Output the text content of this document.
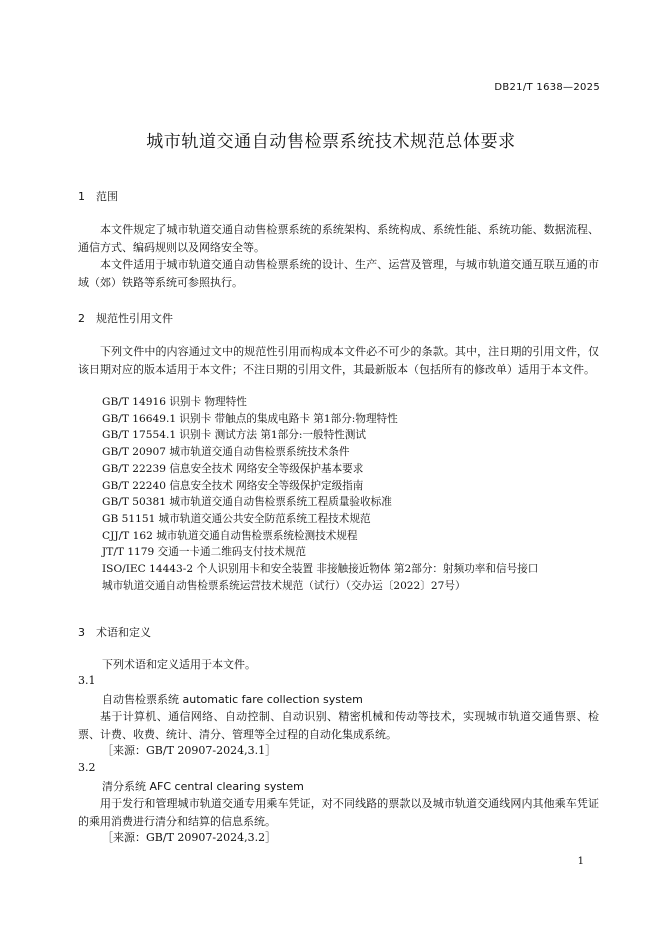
DB21/T 1638—2025
城市轨道交通自动售检票系统技术规范总体要求
1 范围
本文件规定了城市轨道交通自动售检票系统的系统架构、系统构成、系统性能、系统功能、数据流程、通信方式、编码规则以及网络安全等。
本文件适用于城市轨道交通自动售检票系统的设计、生产、运营及管理，与城市轨道交通互联互通的市域（郊）铁路等系统可参照执行。
2 规范性引用文件
下列文件中的内容通过文中的规范性引用而构成本文件必不可少的条款。其中，注日期的引用文件，仅该日期对应的版本适用于本文件；不注日期的引用文件，其最新版本（包括所有的修改单）适用于本文件。
GB/T 14916 识别卡 物理特性
GB/T 16649.1 识别卡 带触点的集成电路卡 第1部分:物理特性
GB/T 17554.1 识别卡 测试方法 第1部分:一般特性测试
GB/T 20907 城市轨道交通自动售检票系统技术条件
GB/T 22239 信息安全技术 网络安全等级保护基本要求
GB/T 22240 信息安全技术 网络安全等级保护定级指南
GB/T 50381 城市轨道交通自动售检票系统工程质量验收标准
GB 51151 城市轨道交通公共安全防范系统工程技术规范
CJJ/T 162 城市轨道交通自动售检票系统检测技术规程
JT/T 1179 交通一卡通二维码支付技术规范
ISO/IEC 14443-2 个人识别用卡和安全装置 非接触接近物体 第2部分：射频功率和信号接口
城市轨道交通自动售检票系统运营技术规范（试行）（交办运〔2022〕27号）
3 术语和定义
下列术语和定义适用于本文件。
3.1
自动售检票系统 automatic fare collection system
基于计算机、通信网络、自动控制、自动识别、精密机械和传动等技术，实现城市轨道交通售票、检票、计费、收费、统计、清分、管理等全过程的自动化集成系统。
［来源：GB/T 20907-2024,3.1］
3.2
清分系统 AFC central clearing system
用于发行和管理城市轨道交通专用乘车凭证，对不同线路的票款以及城市轨道交通线网内其他乘车凭证的乘用消费进行清分和结算的信息系统。
［来源：GB/T 20907-2024,3.2］
1
